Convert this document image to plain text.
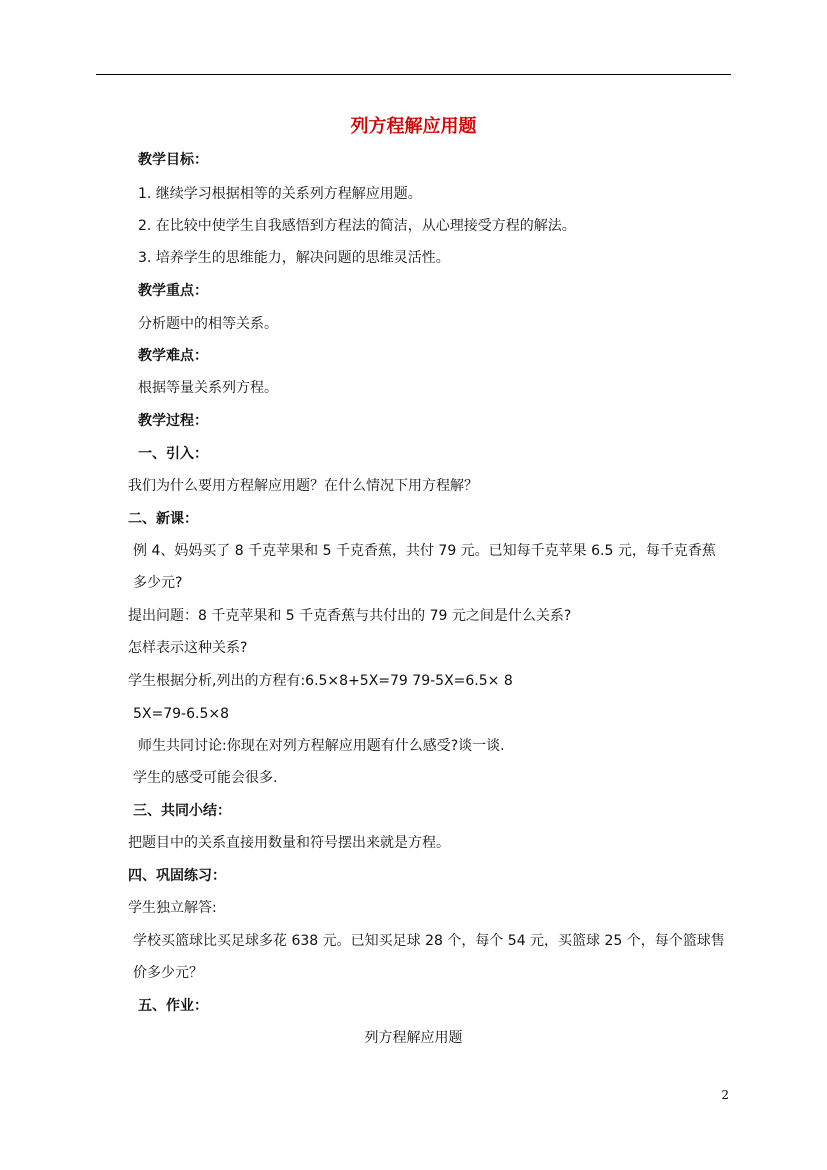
列方程解应用题
教学目标：
1. 继续学习根据相等的关系列方程解应用题。
2. 在比较中使学生自我感悟到方程法的简洁，从心理接受方程的解法。
3. 培养学生的思维能力，解决问题的思维灵活性。
教学重点：
分析题中的相等关系。
教学难点：
根据等量关系列方程。
教学过程：
一、引入：
我们为什么要用方程解应用题？在什么情况下用方程解？
二、新课：
例 4、妈妈买了 8 千克苹果和 5 千克香蕉，共付 79 元。已知每千克苹果 6.5 元，每千克香蕉
多少元?
提出问题：8 千克苹果和 5 千克香蕉与共付出的 79 元之间是什么关系?
怎样表示这种关系?
学生根据分析,列出的方程有:6.5×8+5X=79 79-5X=6.5× 8
5X=79-6.5×8
师生共同讨论:你现在对列方程解应用题有什么感受?谈一谈.
学生的感受可能会很多.
三、共同小结：
把题目中的关系直接用数量和符号摆出来就是方程。
四、巩固练习：
学生独立解答:
学校买篮球比买足球多花 638 元。已知买足球 28 个，每个 54 元，买篮球 25 个，每个篮球售
价多少元？
五、作业：
列方程解应用题
2
